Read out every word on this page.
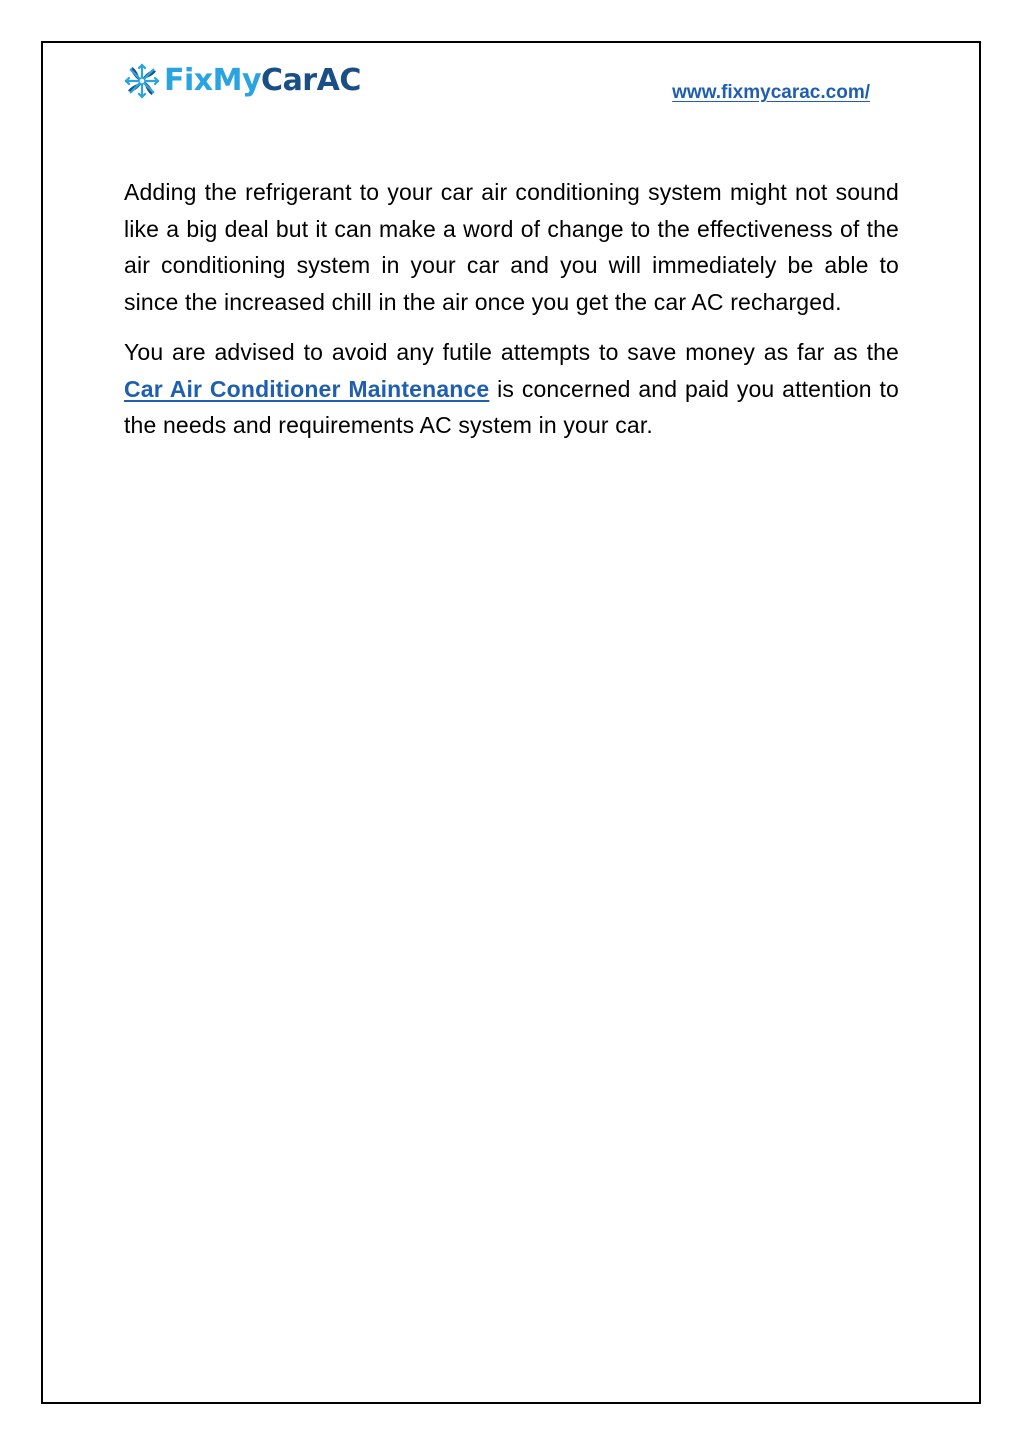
FixMyCarAC	www.fixmycarac.com/

Adding the refrigerant to your car air conditioning system might not sound like a big deal but it can make a word of change to the effectiveness of the air conditioning system in your car and you will immediately be able to since the increased chill in the air once you get the car AC recharged.

You are advised to avoid any futile attempts to save money as far as the Car Air Conditioner Maintenance is concerned and paid you attention to the needs and requirements AC system in your car.
